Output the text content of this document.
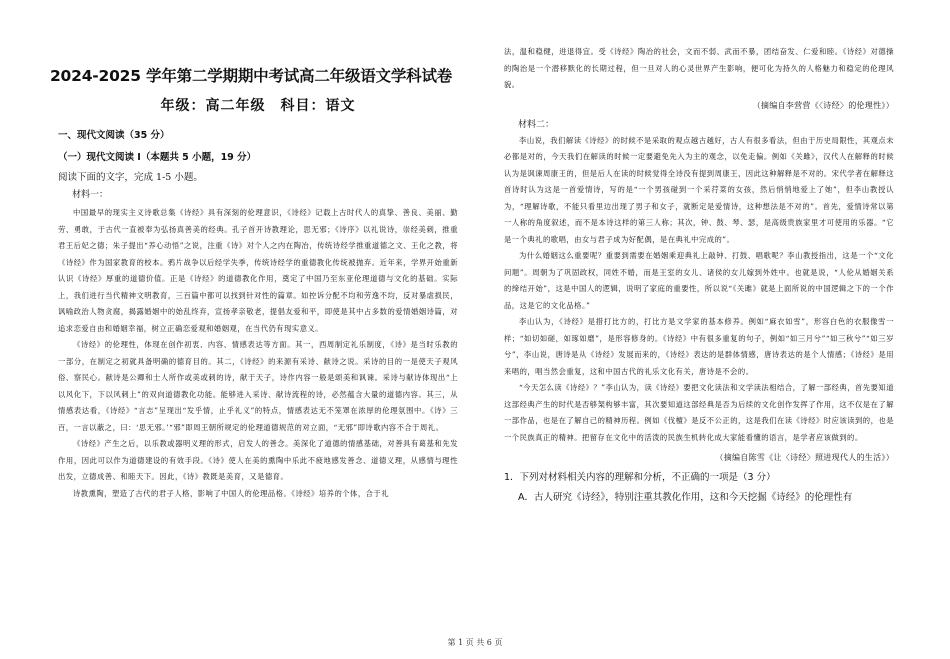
2024-2025 学年第二学期期中考试高二年级语文学科试卷
年级：高二年级　科目：语文
一、现代文阅读（35 分）
（一）现代文阅读 I（本题共 5 小题，19 分）
阅读下面的文字，完成 1-5 小题。
材料一：

中国最早的现实主义诗歌总集《诗经》具有深刻的伦理意识，《诗经》记载上古时代人的真挚、善良、美丽、勤劳、勇敢，于古代一直被奉为弘扬真善美的经典。孔子首开诗教理论，思无邪；《诗序》以礼说诗，崇经美刺，推重君王后妃之德；朱子提出“养心动悟”之说，注重《诗》对个人之内在陶冶，传统诗经学推重道德之文、王化之教，将《诗经》作为国家教育的校本。鸦片战争以后经学失季，传统诗经学的重德教化传统被抛弃。近年来，学界开始重新认识《诗经》厚重的道德价值。正是《诗经》的道德教化作用，奠定了中国乃至东亚伦理道德与文化的基础。实际上，我们进行当代精神文明教育，三百篇中都可以找到针对性的篇章。如控诉分配不均和劳逸不均，反对暴虐损民，讽喻政治人物贪腐，揭露婚姻中的始乱终弃，宣扬孝亲敬老，提倡友爱和平，即使是其中占多数的爱情婚姻诗篇，对追求恋爱自由和婚姻幸福，树立正确恋爱观和婚姻观，在当代仍有现实意义。

《诗经》的伦理性，体现在创作初衷、内容、情感表达等方面。其一，西周制定礼乐制度，《诗》是当时乐教的一部分，在制定之初就具备明确的德育目的。其二，《诗经》的来源有采诗、献诗之说。采诗的目的一是使天子观风俗、察民心。献诗是公卿和士人所作或美或刺的诗，献于天子，诗作内容一般是颂美和讽谏。采诗与献诗体现出“上以风化下，下以风刺上”的双向道德教化功能。能够进入采诗、献诗流程的诗，必然蕴含大量的道德内容。其三，从情感表达看，《诗经》“言志”呈现出“发乎情，止乎礼义”的特点，情感表达无不笼罩在浓厚的伦理氛围中。《诗》三百，一言以蔽之，曰：‘思无邪。’“邪”即周王朝所规定的伦理道德规范的对立面，“无邪”即诗歌内容不合于周礼。

《诗经》产生之后，以乐教或器明义理的形式，启发人的善念。美深化了道德的情感基础，对善具有葛基和先发作用，因此可以作为道德建设的有效手段。《诗》使人在美的熏陶中乐此不疲地感发善念、道德义理，从感情与理性出发，立德成善、和睦天下。因此，《诗》教既是美育，又是德育。

诗教熏陶，塑造了古代的君子人格，影响了中国人的伦理品格。《诗经》培养的个体，合于礼

法，温和稳健，进退得宜。受《诗经》陶冶的社会，文而不弱、武而不暴，团结奋发、仁爱和睦。《诗经》对德操的陶治是一个潜移默化的长期过程，但一旦对人的心灵世界产生影响，便可化为持久的人格魅力和稳定的伦理风貌。

（摘编自李营营《〈诗经〉的伦理性》）
材料二：

李山说，我们解读《诗经》的时候不是采取的观点越古越好，古人有很多看法，但由于历史局限性，其观点未必都是对的，今天我们在解读的时候一定要避免先入为主的观念，以免走偏。例如《关雎》，汉代人在解释的时候认为是讽谏周康王的，但是后人在读的时候觉得全诗没有提到周康王，因此这种解释是不对的。宋代学者在解释这首诗时认为这是一首爱情诗，写的是“一个男孩碰到一个采荇菜的女孩，然后悄悄地爱上了她”，但李山教授认为，“理解诗歌，不能只看里边出现了男子和女子，就断定是爱情诗，这种想法是不对的”。首先，爱情诗常以第一人称的角度叙述，而不是本诗这样的第三人称；其次，钟、鼓、琴、瑟，是高级贵族家里才可使用的乐器。“它是一个典礼的歌唱，由女与君子成为好配偶，是在典礼中完成的”。

为什么婚姻这么重要呢？重要到需要在婚姻乘迎典礼上敲钟、打鼓、唱歌呢？李山教授指出，这是一个“文化问题”。周朝为了巩固政权，同姓不婚，而是王室的女儿、诸侯的女儿嫁到外姓中。也就是说，“人伦从婚姻关系的缔结开始”，这是中国人的逻辑，说明了家庭的重要性，所以说“《关雎》就是上面所说的中国逻辑之下的一个作品，这是它的文化品格。”

李山认为，《诗经》是措打比方的，打比方是文学家的基本修养。例如“麻衣如雪”，形容白色的衣服像雪一样；“如切如磋，如琢如磨”，是形容修身的。《诗经》中有很多重复的句子，例如“如三月兮”“如三秋兮”“如三岁兮”，李山说，唐诗是从《诗经》发展而来的，《诗经》表达的是群体情感，唐诗表达的是个人情感；《诗经》是用来唱的，唱当然会重复，这和中国古代的礼乐文化有关，唐诗是不会的。

“今天怎么读《诗经》？”李山认为，读《诗经》要把文化读法和文学读法相结合，了解一部经典，首先要知道这部经典产生的时代是否够架构够丰富，其次要知道这部经典是否为后续的文化创作发挥了作用，这不仅是在了解一部作品，也是在了解自己的精神历程。例如《伐檀》是反不公正的，这是我们在读《诗经》时应该读到的，也是一个民族真正的精神。把留存在文化中的活泼的民族生机转化成大家能看懂的语言，是学者应该做到的。

（摘编自陈雪《让〈诗经〉照进现代人的生活》）
1．下列对材料相关内容的理解和分析，不正确的一项是（3 分）
A．古人研究《诗经》，特别注重其教化作用，这和今天挖掘《诗经》的伦理性有
第 1 页 共 6 页
